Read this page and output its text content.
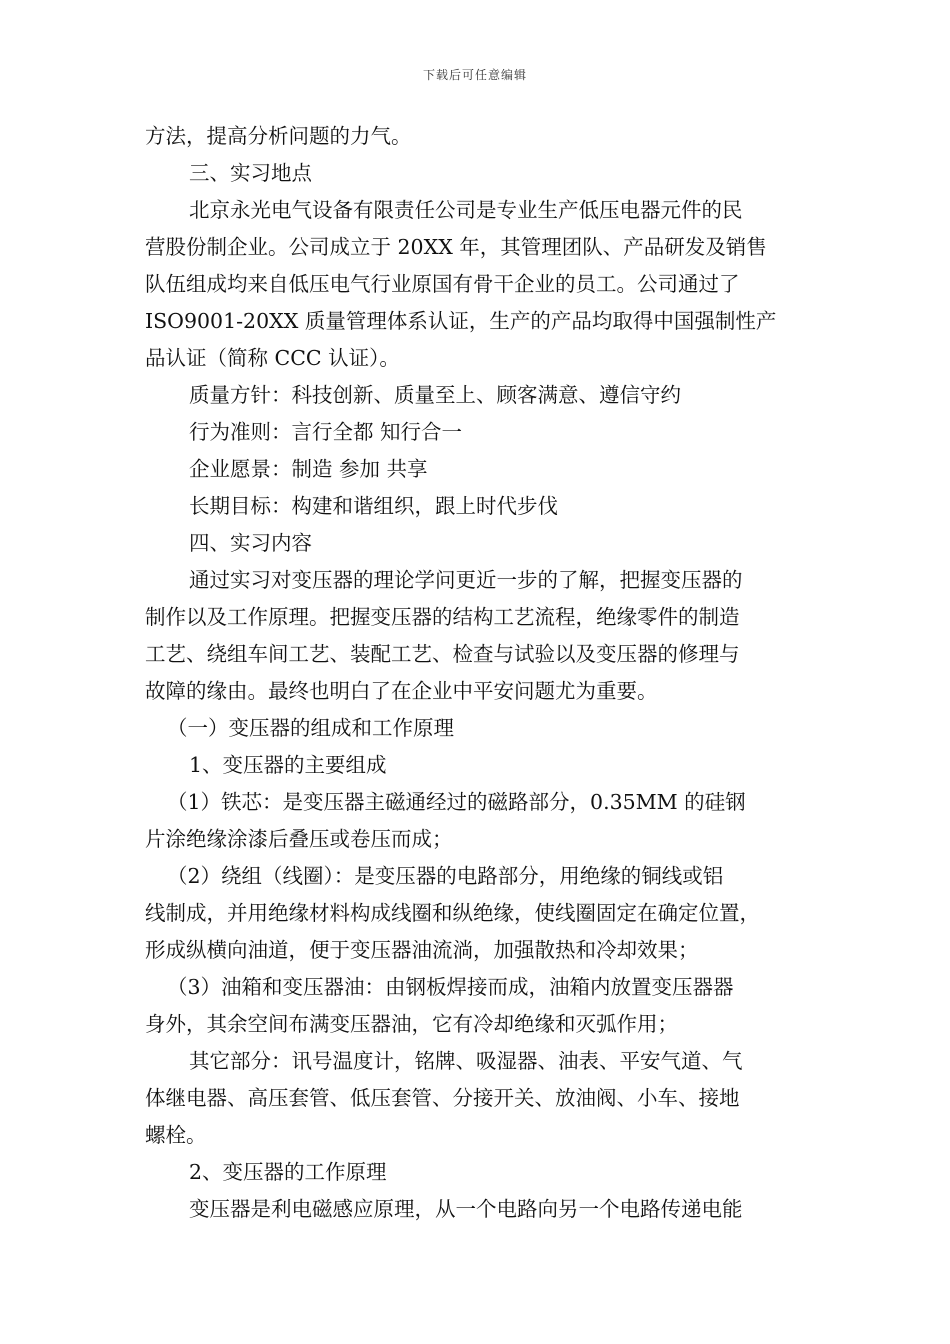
下载后可任意编辑
方法，提高分析问题的力气。
三、实习地点
北京永光电气设备有限责任公司是专业生产低压电器元件的民
营股份制企业。公司成立于 20XX 年，其管理团队、产品研发及销售
队伍组成均来自低压电气行业原国有骨干企业的员工。公司通过了
ISO9001-20XX 质量管理体系认证，生产的产品均取得中国强制性产
品认证（简称 CCC 认证）。
质量方针：科技创新、质量至上、顾客满意、遵信守约
行为准则：言行全都 知行合一
企业愿景：制造 参加 共享
长期目标：构建和谐组织，跟上时代步伐
四、实习内容
通过实习对变压器的理论学问更近一步的了解，把握变压器的
制作以及工作原理。把握变压器的结构工艺流程，绝缘零件的制造
工艺、绕组车间工艺、装配工艺、检查与试验以及变压器的修理与
故障的缘由。最终也明白了在企业中平安问题尤为重要。
（一）变压器的组成和工作原理
1、变压器的主要组成
（1）铁芯：是变压器主磁通经过的磁路部分，0.35MM 的硅钢
片涂绝缘涂漆后叠压或卷压而成；
（2）绕组（线圈）：是变压器的电路部分，用绝缘的铜线或铝
线制成，并用绝缘材料构成线圈和纵绝缘，使线圈固定在确定位置，
形成纵横向油道，便于变压器油流淌，加强散热和冷却效果；
（3）油箱和变压器油：由钢板焊接而成，油箱内放置变压器器
身外，其余空间布满变压器油，它有冷却绝缘和灭弧作用；
其它部分：讯号温度计，铭牌、吸湿器、油表、平安气道、气
体继电器、高压套管、低压套管、分接开关、放油阀、小车、接地
螺栓。
2、变压器的工作原理
变压器是利电磁感应原理，从一个电路向另一个电路传递电能
